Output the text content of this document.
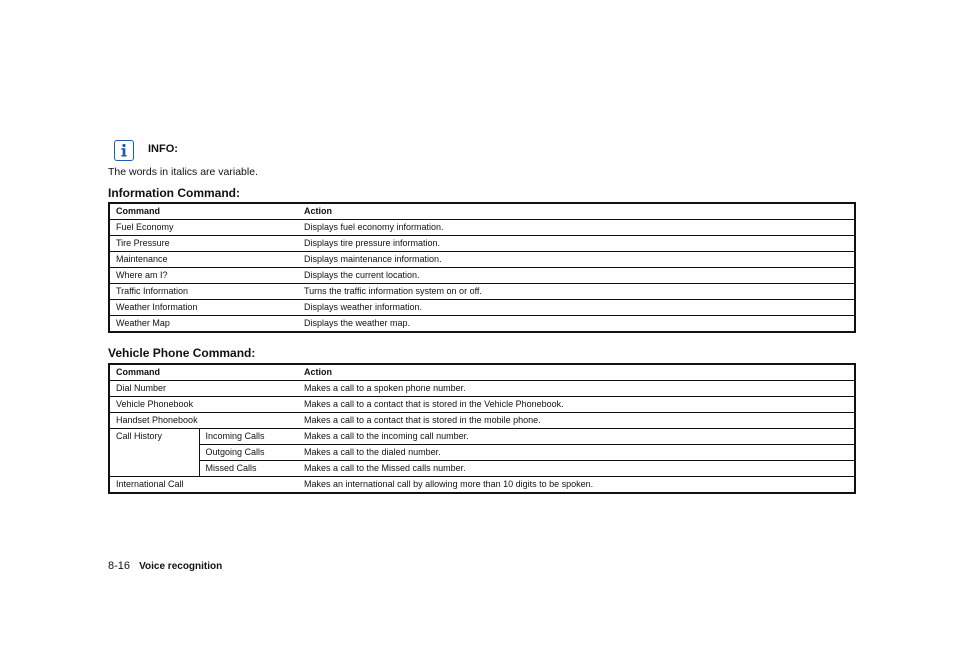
INFO:
The words in italics are variable.
Information Command:
Command	Action
Fuel Economy	Displays fuel economy information.
Tire Pressure	Displays tire pressure information.
Maintenance	Displays maintenance information.
Where am I?	Displays the current location.
Traffic Information	Turns the traffic information system on or off.
Weather Information	Displays weather information.
Weather Map	Displays the weather map.
Vehicle Phone Command:
Command		Action
Dial Number		Makes a call to a spoken phone number.
Vehicle Phonebook		Makes a call to a contact that is stored in the Vehicle Phonebook.
Handset Phonebook		Makes a call to a contact that is stored in the mobile phone.
Call History	Incoming Calls	Makes a call to the incoming call number.
	Outgoing Calls	Makes a call to the dialed number.
	Missed Calls	Makes a call to the Missed calls number.
International Call		Makes an international call by allowing more than 10 digits to be spoken.
8-16 Voice recognition
